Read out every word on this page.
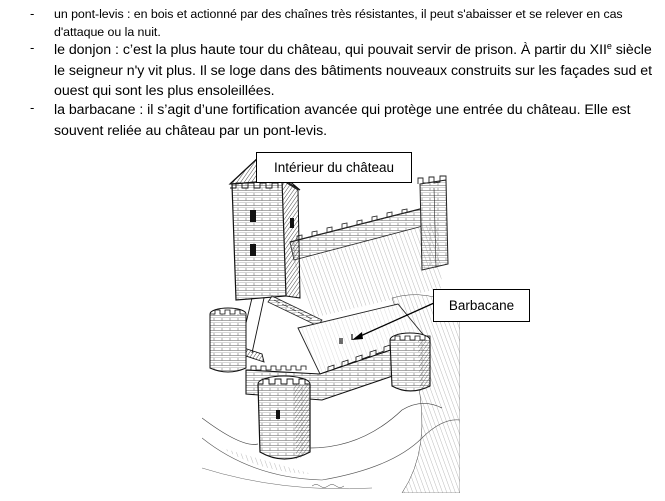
- un pont-levis : en bois et actionné par des chaînes très résistantes, il peut s'abaisser et se relever en cas d'attaque ou la nuit.
- le donjon : c’est la plus haute tour du château, qui pouvait servir de prison. À partir du XIIe siècle le seigneur n'y vit plus. Il se loge dans des bâtiments nouveaux construits sur les façades sud et ouest qui sont les plus ensoleillées.
- la barbacane : il s’agit d’une fortification avancée qui protège une entrée du château. Elle est souvent reliée au château par un pont-levis.
Intérieur du château
Barbacane
